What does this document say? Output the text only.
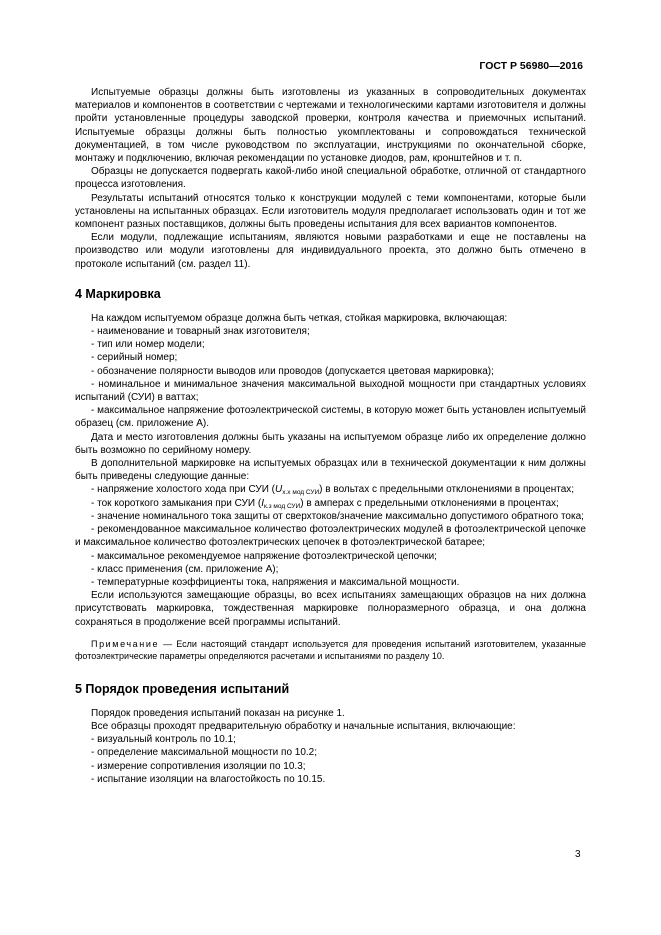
ГОСТ Р 56980—2016

Испытуемые образцы должны быть изготовлены из указанных в сопроводительных документах материалов и компонентов в соответствии с чертежами и технологическими картами изготовителя и должны пройти установленные процедуры заводской проверки, контроля качества и приемочных испытаний. Испытуемые образцы должны быть полностью укомплектованы и сопровождаться технической документацией, в том числе руководством по эксплуатации, инструкциями по окончательной сборке, монтажу и подключению, включая рекомендации по установке диодов, рам, кронштейнов и т. п.

Образцы не допускается подвергать какой-либо иной специальной обработке, отличной от стандартного процесса изготовления.

Результаты испытаний относятся только к конструкции модулей с теми компонентами, которые были установлены на испытанных образцах. Если изготовитель модуля предполагает использовать один и тот же компонент разных поставщиков, должны быть проведены испытания для всех вариантов компонентов.

Если модули, подлежащие испытаниям, являются новыми разработками и еще не поставлены на производство или модули изготовлены для индивидуального проекта, это должно быть отмечено в протоколе испытаний (см. раздел 11).

4 Маркировка

На каждом испытуемом образце должна быть четкая, стойкая маркировка, включающая:

- наименование и товарный знак изготовителя;

- тип или номер модели;

- серийный номер;

- обозначение полярности выводов или проводов (допускается цветовая маркировка);

- номинальное и минимальное значения максимальной выходной мощности при стандартных условиях испытаний (СУИ) в ваттах;

- максимальное напряжение фотоэлектрической системы, в которую может быть установлен испытуемый образец (см. приложение А).

Дата и место изготовления должны быть указаны на испытуемом образце либо их определение должно быть возможно по серийному номеру.

В дополнительной маркировке на испытуемых образцах или в технической документации к ним должны быть приведены следующие данные:

- напряжение холостого хода при СУИ $(U_{х.х мод СУИ})$ в вольтах с предельными отклонениями в процентах;

- ток короткого замыкания при СУИ $(I_{к.з мод СУИ})$ в амперах с предельными отклонениями в процентах;

- значение номинального тока защиты от сверхтоков/значение максимально допустимого обратного тока;

- рекомендованное максимальное количество фотоэлектрических модулей в фотоэлектрической цепочке и максимальное количество фотоэлектрических цепочек в фотоэлектрической батарее;

- максимальное рекомендуемое напряжение фотоэлектрической цепочки;

- класс применения (см. приложение А);

- температурные коэффициенты тока, напряжения и максимальной мощности.

Если используются замещающие образцы, во всех испытаниях замещающих образцов на них должна присутствовать маркировка, тождественная маркировке полноразмерного образца, и она должна сохраняться в продолжение всей программы испытаний.

Примечание — Если настоящий стандарт используется для проведения испытаний изготовителем, указанные фотоэлектрические параметры определяются расчетами и испытаниями по разделу 10.
5 Порядок проведения испытаний

Порядок проведения испытаний показан на рисунке 1.

Все образцы проходят предварительную обработку и начальные испытания, включающие:

- визуальный контроль по 10.1;

- определение максимальной мощности по 10.2;

- измерение сопротивления изоляции по 10.3;

- испытание изоляции на влагостойкость по 10.15.

3
